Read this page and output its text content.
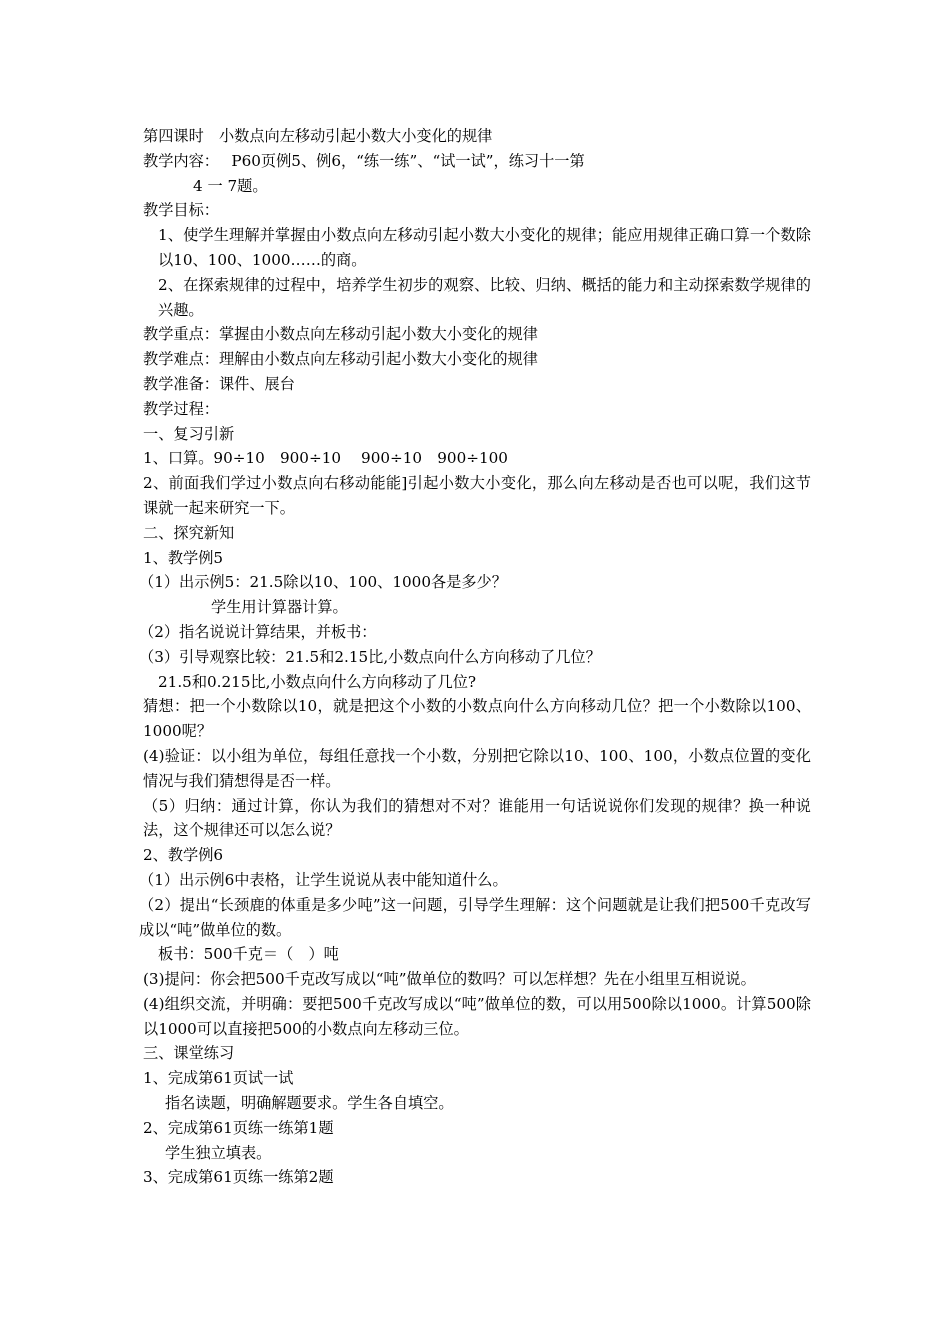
第四课时　小数点向左移动引起小数大小变化的规律
教学内容：　 P60页例5、例6，“练一练”、“试一试”，练习十一第
4 一 7题。
教学目标：
1、使学生理解并掌握由小数点向左移动引起小数大小变化的规律；能应用规律正确口算一个数除以10、100、1000……的商。
2、在探索规律的过程中，培养学生初步的观察、比较、归纳、概括的能力和主动探索数学规律的兴趣。
教学重点：掌握由小数点向左移动引起小数大小变化的规律
教学难点：理解由小数点向左移动引起小数大小变化的规律
教学准备：课件、展台
教学过程：
一、复习引新
1、口算。90÷10　900÷10　 900÷10　900÷100
2、前面我们学过小数点向右移动能能]引起小数大小变化，那么向左移动是否也可以呢，我们这节课就一起来研究一下。
二、探究新知
1、教学例5
（1）出示例5：21.5除以10、100、1000各是多少？
学生用计算器计算。
（2）指名说说计算结果，并板书：
（3）引导观察比较：21.5和2.15比,小数点向什么方向移动了几位？
21.5和0.215比,小数点向什么方向移动了几位?
猜想：把一个小数除以10，就是把这个小数的小数点向什么方向移动几位？把一个小数除以100、1000呢？
(4)验证：以小组为单位，每组任意找一个小数，分别把它除以10、100、100，小数点位置的变化情况与我们猜想得是否一样。
（5）归纳：通过计算，你认为我们的猜想对不对？谁能用一句话说说你们发现的规律？换一种说法，这个规律还可以怎么说？
2、教学例6
（1）出示例6中表格，让学生说说从表中能知道什么。
（2）提出“长颈鹿的体重是多少吨”这一问题，引导学生理解：这个问题就是让我们把500千克改写成以“吨”做单位的数。
板书：500千克＝（　）吨
(3)提问：你会把500千克改写成以“吨”做单位的数吗？可以怎样想？先在小组里互相说说。
(4)组织交流，并明确：要把500千克改写成以“吨”做单位的数，可以用500除以1000。计算500除以1000可以直接把500的小数点向左移动三位。
三、课堂练习
1、完成第61页试一试
指名读题，明确解题要求。学生各自填空。
2、完成第61页练一练第1题
学生独立填表。
3、完成第61页练一练第2题
